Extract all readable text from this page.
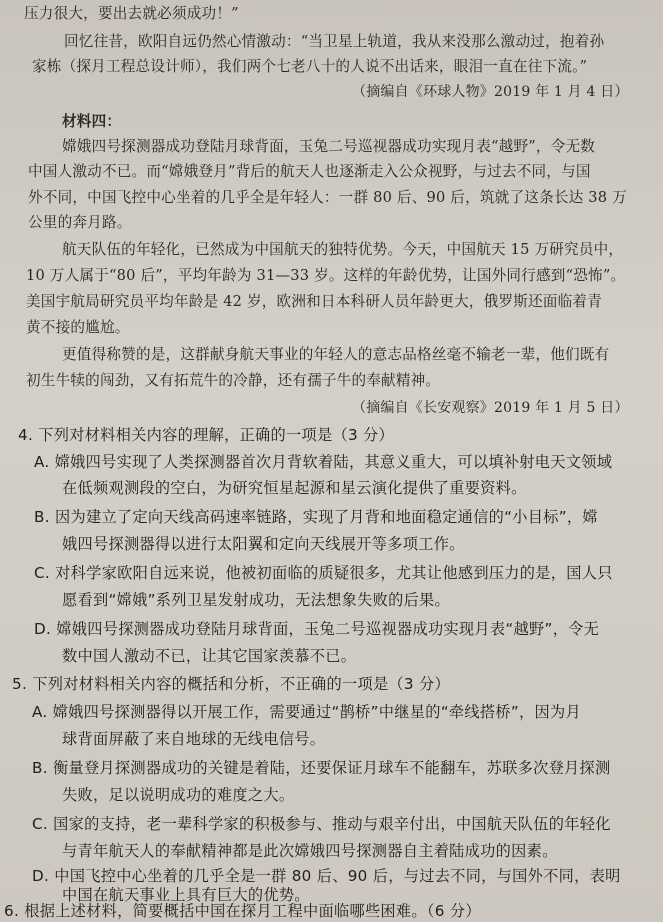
压力很大，要出去就必须成功！”
回忆往昔，欧阳自远仍然心情激动：“当卫星上轨道，我从来没那么激动过，抱着孙
家栋（探月工程总设计师），我们两个七老八十的人说不出话来，眼泪一直在往下流。”
（摘编自《环球人物》2019 年 1 月 4 日）
材料四：
嫦娥四号探测器成功登陆月球背面，玉兔二号巡视器成功实现月表“越野”，令无数
中国人激动不已。而“嫦娥登月”背后的航天人也逐渐走入公众视野，与过去不同，与国
外不同，中国飞控中心坐着的几乎全是年轻人：一群 80 后、90 后，筑就了这条长达 38 万
公里的奔月路。
航天队伍的年轻化，已然成为中国航天的独特优势。今天，中国航天 15 万研究员中，
10 万人属于“80 后”，平均年龄为 31—33 岁。这样的年龄优势，让国外同行感到“恐怖”。
美国宇航局研究员平均年龄是 42 岁，欧洲和日本科研人员年龄更大，俄罗斯还面临着青
黄不接的尴尬。
更值得称赞的是，这群献身航天事业的年轻人的意志品格丝毫不输老一辈，他们既有
初生牛犊的闯劲，又有拓荒牛的冷静，还有孺子牛的奉献精神。
（摘编自《长安观察》2019 年 1 月 5 日）
4. 下列对材料相关内容的理解，正确的一项是（3 分）
A. 嫦娥四号实现了人类探测器首次月背软着陆，其意义重大，可以填补射电天文领域
在低频观测段的空白，为研究恒星起源和星云演化提供了重要资料。
B. 因为建立了定向天线高码速率链路，实现了月背和地面稳定通信的“小目标”，嫦
娥四号探测器得以进行太阳翼和定向天线展开等多项工作。
C. 对科学家欧阳自远来说，他被初面临的质疑很多，尤其让他感到压力的是，国人只
愿看到“嫦娥”系列卫星发射成功，无法想象失败的后果。
D. 嫦娥四号探测器成功登陆月球背面，玉兔二号巡视器成功实现月表“越野”，令无
数中国人激动不已，让其它国家羡慕不已。
5. 下列对材料相关内容的概括和分析，不正确的一项是（3 分）
A. 嫦娥四号探测器得以开展工作，需要通过“鹊桥”中继星的“牵线搭桥”，因为月
球背面屏蔽了来自地球的无线电信号。
B. 衡量登月探测器成功的关键是着陆，还要保证月球车不能翻车，苏联多次登月探测
失败，足以说明成功的难度之大。
C. 国家的支持，老一辈科学家的积极参与、推动与艰辛付出，中国航天队伍的年轻化
与青年航天人的奉献精神都是此次嫦娥四号探测器自主着陆成功的因素。
D. 中国飞控中心坐着的几乎全是一群 80 后、90 后，与过去不同，与国外不同，表明
中国在航天事业上具有巨大的优势。
6. 根据上述材料，简要概括中国在探月工程中面临哪些困难。（6 分）
